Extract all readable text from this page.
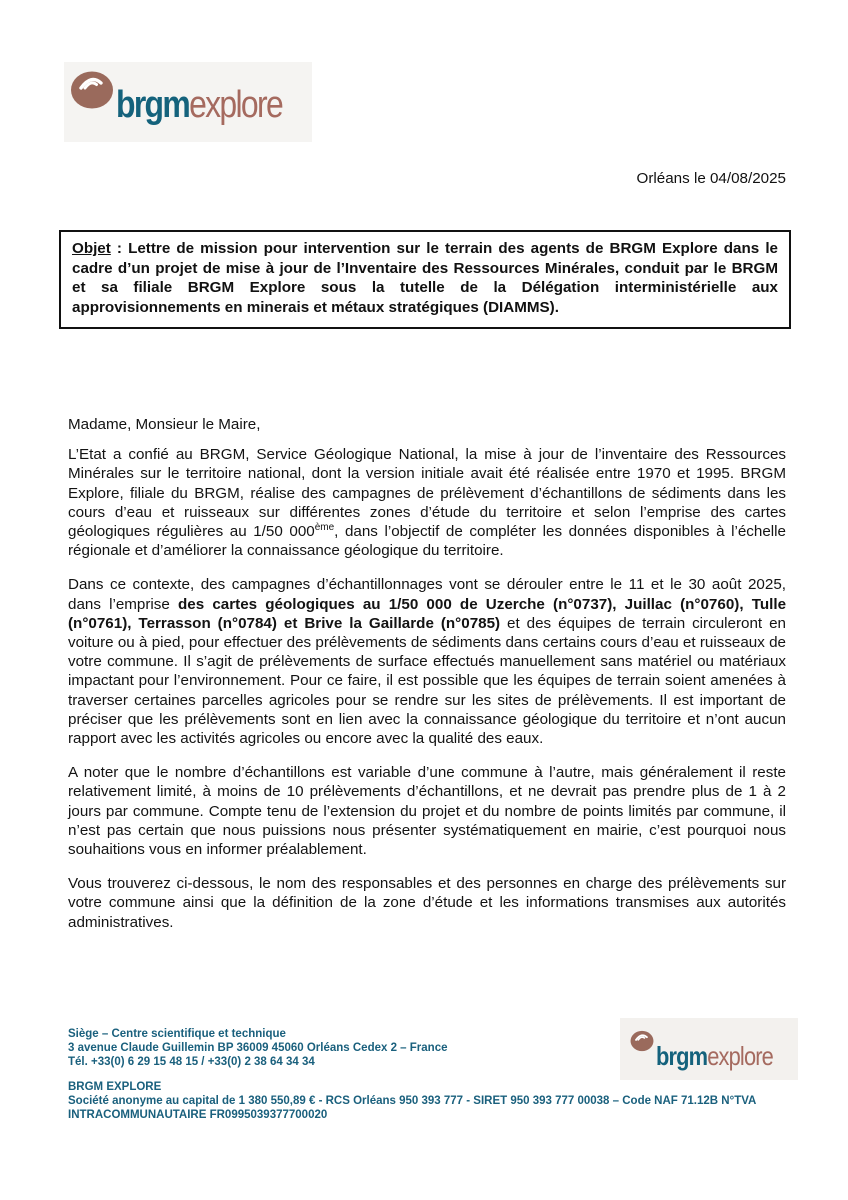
brgmexplore
Orléans le 04/08/2025
Objet : Lettre de mission pour intervention sur le terrain des agents de BRGM Explore dans le cadre d’un projet de mise à jour de l’Inventaire des Ressources Minérales, conduit par le BRGM et sa filiale BRGM Explore sous la tutelle de la Délégation interministérielle aux approvisionnements en minerais et métaux stratégiques (DIAMMS).

Madame, Monsieur le Maire,

L’Etat a confié au BRGM, Service Géologique National, la mise à jour de l’inventaire des Ressources Minérales sur le territoire national, dont la version initiale avait été réalisée entre 1970 et 1995. BRGM Explore, filiale du BRGM, réalise des campagnes de prélèvement d’échantillons de sédiments dans les cours d’eau et ruisseaux sur différentes zones d’étude du territoire et selon l’emprise des cartes géologiques régulières au 1/50 000ème, dans l’objectif de compléter les données disponibles à l’échelle régionale et d’améliorer la connaissance géologique du territoire.

Dans ce contexte, des campagnes d’échantillonnages vont se dérouler entre le 11 et le 30 août 2025, dans l’emprise des cartes géologiques au 1/50 000 de Uzerche (n°0737), Juillac (n°0760), Tulle (n°0761), Terrasson (n°0784) et Brive la Gaillarde (n°0785) et des équipes de terrain circuleront en voiture ou à pied, pour effectuer des prélèvements de sédiments dans certains cours d’eau et ruisseaux de votre commune. Il s’agit de prélèvements de surface effectués manuellement sans matériel ou matériaux impactant pour l’environnement. Pour ce faire, il est possible que les équipes de terrain soient amenées à traverser certaines parcelles agricoles pour se rendre sur les sites de prélèvements. Il est important de préciser que les prélèvements sont en lien avec la connaissance géologique du territoire et n’ont aucun rapport avec les activités agricoles ou encore avec la qualité des eaux.

A noter que le nombre d’échantillons est variable d’une commune à l’autre, mais généralement il reste relativement limité, à moins de 10 prélèvements d’échantillons, et ne devrait pas prendre plus de 1 à 2 jours par commune. Compte tenu de l’extension du projet et du nombre de points limités par commune, il n’est pas certain que nous puissions nous présenter systématiquement en mairie, c’est pourquoi nous souhaitions vous en informer préalablement.

Vous trouverez ci-dessous, le nom des responsables et des personnes en charge des prélèvements sur votre commune ainsi que la définition de la zone d’étude et les informations transmises aux autorités administratives.

Siège – Centre scientifique et technique
3 avenue Claude Guillemin BP 36009 45060 Orléans Cedex 2 – France
Tél. +33(0) 6 29 15 48 15 / +33(0) 2 38 64 34 34
BRGM EXPLORE
Société anonyme au capital de 1 380 550,89 € - RCS Orléans 950 393 777 - SIRET 950 393 777 00038 – Code NAF 71.12B N°TVA
INTRACOMMUNAUTAIRE FR0995039377700020
brgmexplore
